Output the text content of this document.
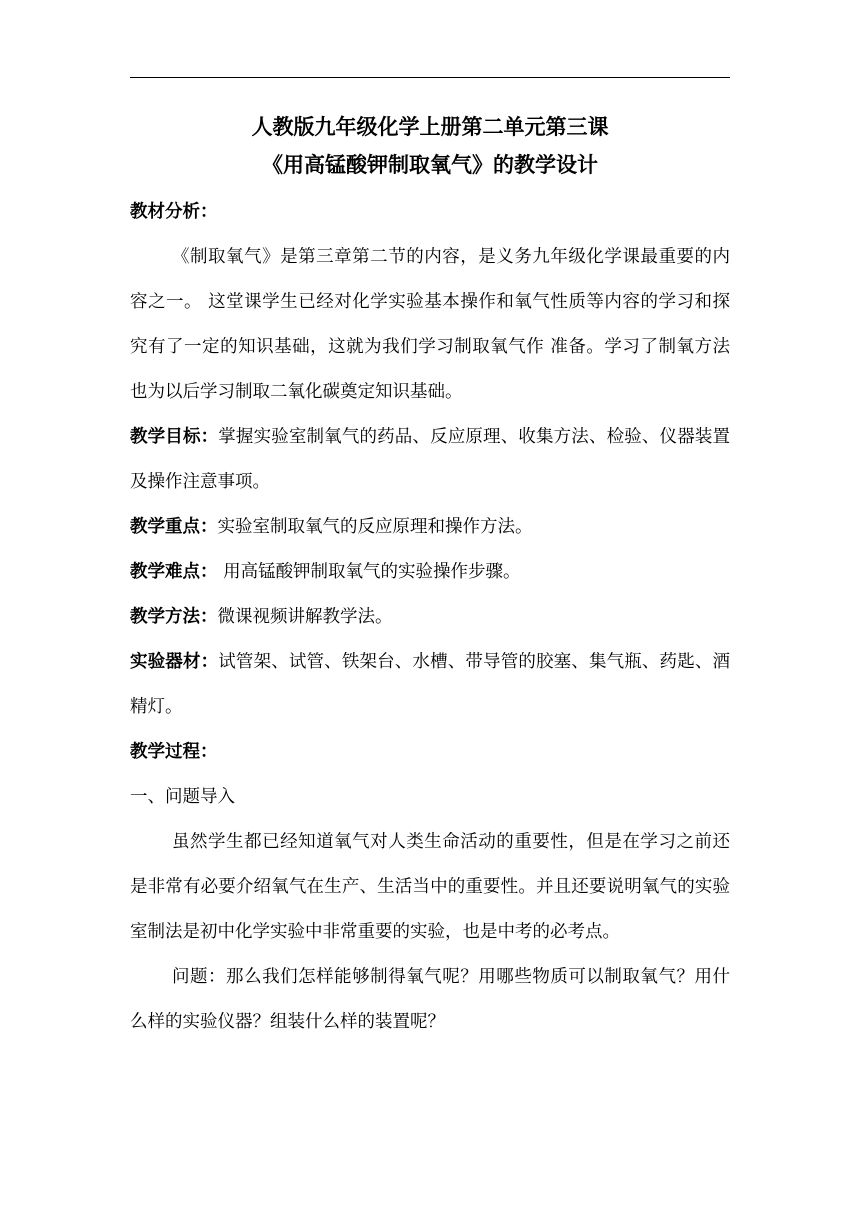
人教版九年级化学上册第二单元第三课
《用高锰酸钾制取氧气》的教学设计

教材分析：

《制取氧气》是第三章第二节的内容，是义务九年级化学课最重要的内容之一。 这堂课学生已经对化学实验基本操作和氧气性质等内容的学习和探究有了一定的知识基础，这就为我们学习制取氧气作 准备。学习了制氧方法也为以后学习制取二氧化碳奠定知识基础。

教学目标：掌握实验室制氧气的药品、反应原理、收集方法、检验、仪器装置及操作注意事项。

教学重点：实验室制取氧气的反应原理和操作方法。

教学难点： 用高锰酸钾制取氧气的实验操作步骤。

教学方法：微课视频讲解教学法。

实验器材：试管架、试管、铁架台、水槽、带导管的胶塞、集气瓶、药匙、酒精灯。

教学过程：

一、问题导入

虽然学生都已经知道氧气对人类生命活动的重要性，但是在学习之前还是非常有必要介绍氧气在生产、生活当中的重要性。并且还要说明氧气的实验室制法是初中化学实验中非常重要的实验，也是中考的必考点。

问题：那么我们怎样能够制得氧气呢？用哪些物质可以制取氧气？用什么样的实验仪器？组装什么样的装置呢？
